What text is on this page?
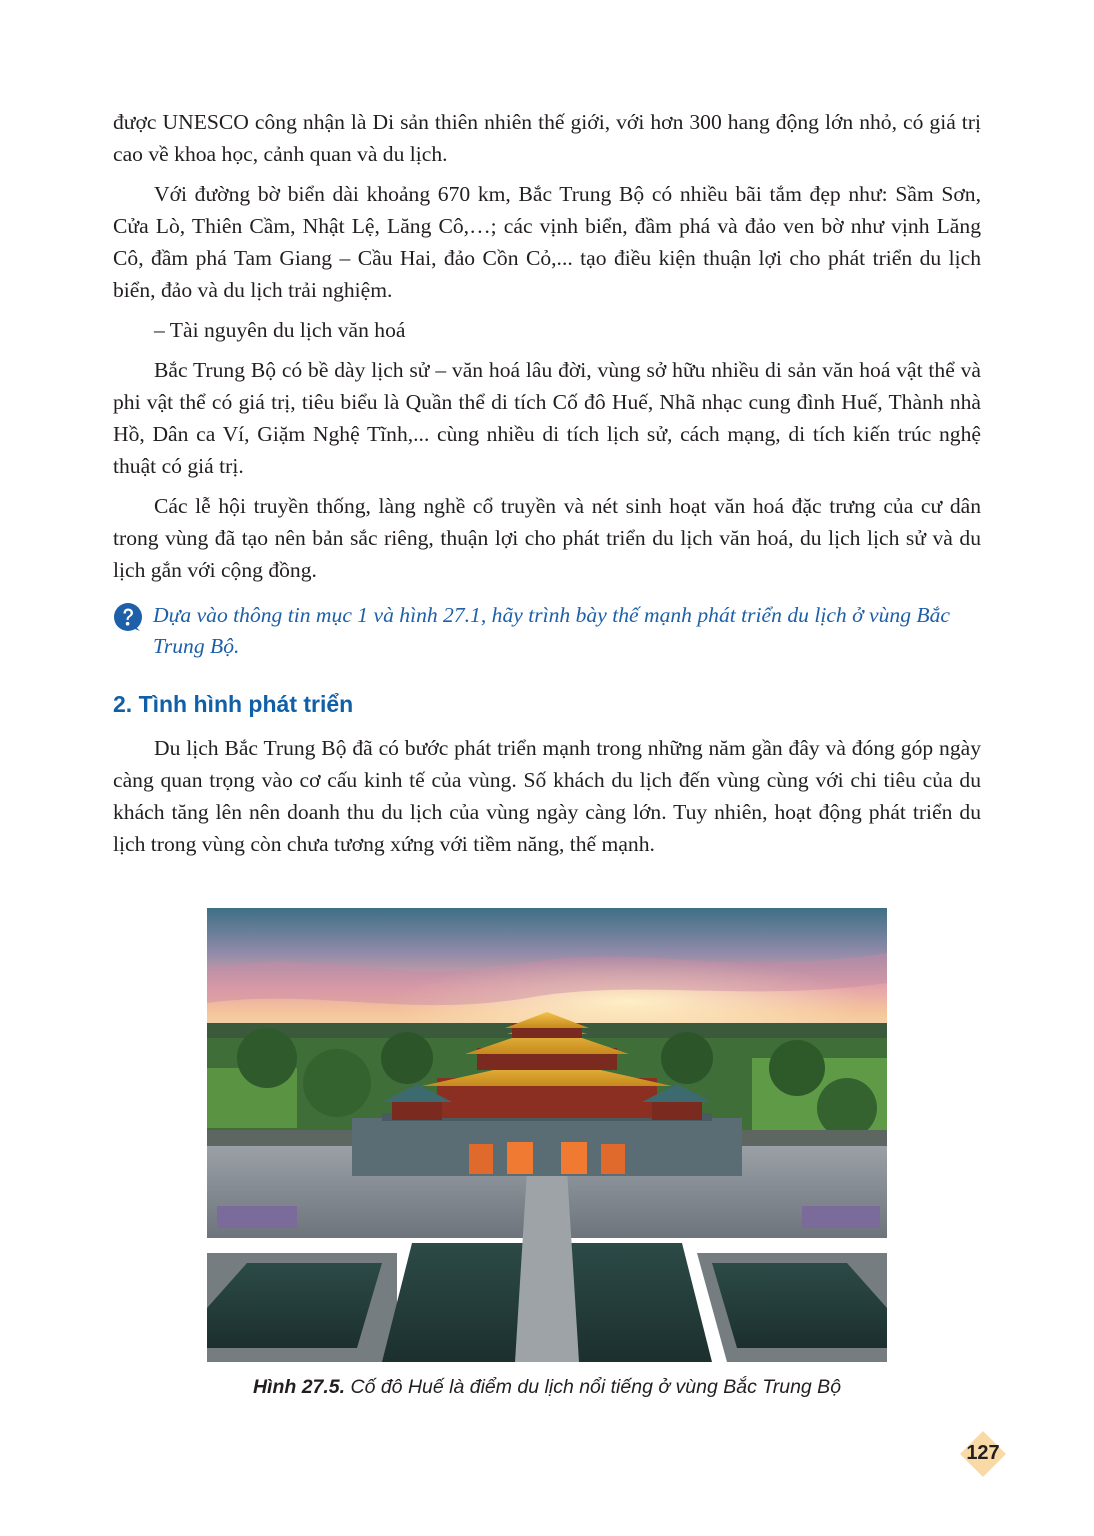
được UNESCO công nhận là Di sản thiên nhiên thế giới, với hơn 300 hang động lớn nhỏ, có giá trị cao về khoa học, cảnh quan và du lịch.

Với đường bờ biển dài khoảng 670 km, Bắc Trung Bộ có nhiều bãi tắm đẹp như: Sầm Sơn, Cửa Lò, Thiên Cầm, Nhật Lệ, Lăng Cô,…; các vịnh biển, đầm phá và đảo ven bờ như vịnh Lăng Cô, đầm phá Tam Giang – Cầu Hai, đảo Cồn Cỏ,... tạo điều kiện thuận lợi cho phát triển du lịch biển, đảo và du lịch trải nghiệm.

– Tài nguyên du lịch văn hoá

Bắc Trung Bộ có bề dày lịch sử – văn hoá lâu đời, vùng sở hữu nhiều di sản văn hoá vật thể và phi vật thể có giá trị, tiêu biểu là Quần thể di tích Cố đô Huế, Nhã nhạc cung đình Huế, Thành nhà Hồ, Dân ca Ví, Giặm Nghệ Tĩnh,... cùng nhiều di tích lịch sử, cách mạng, di tích kiến trúc nghệ thuật có giá trị.

Các lễ hội truyền thống, làng nghề cổ truyền và nét sinh hoạt văn hoá đặc trưng của cư dân trong vùng đã tạo nên bản sắc riêng, thuận lợi cho phát triển du lịch văn hoá, du lịch lịch sử và du lịch gắn với cộng đồng.

Dựa vào thông tin mục 1 và hình 27.1, hãy trình bày thế mạnh phát triển du lịch ở vùng Bắc Trung Bộ.

2. Tình hình phát triển

Du lịch Bắc Trung Bộ đã có bước phát triển mạnh trong những năm gần đây và đóng góp ngày càng quan trọng vào cơ cấu kinh tế của vùng. Số khách du lịch đến vùng cùng với chi tiêu của du khách tăng lên nên doanh thu du lịch của vùng ngày càng lớn. Tuy nhiên, hoạt động phát triển du lịch trong vùng còn chưa tương xứng với tiềm năng, thế mạnh.

Hình 27.5. Cố đô Huế là điểm du lịch nổi tiếng ở vùng Bắc Trung Bộ
127
